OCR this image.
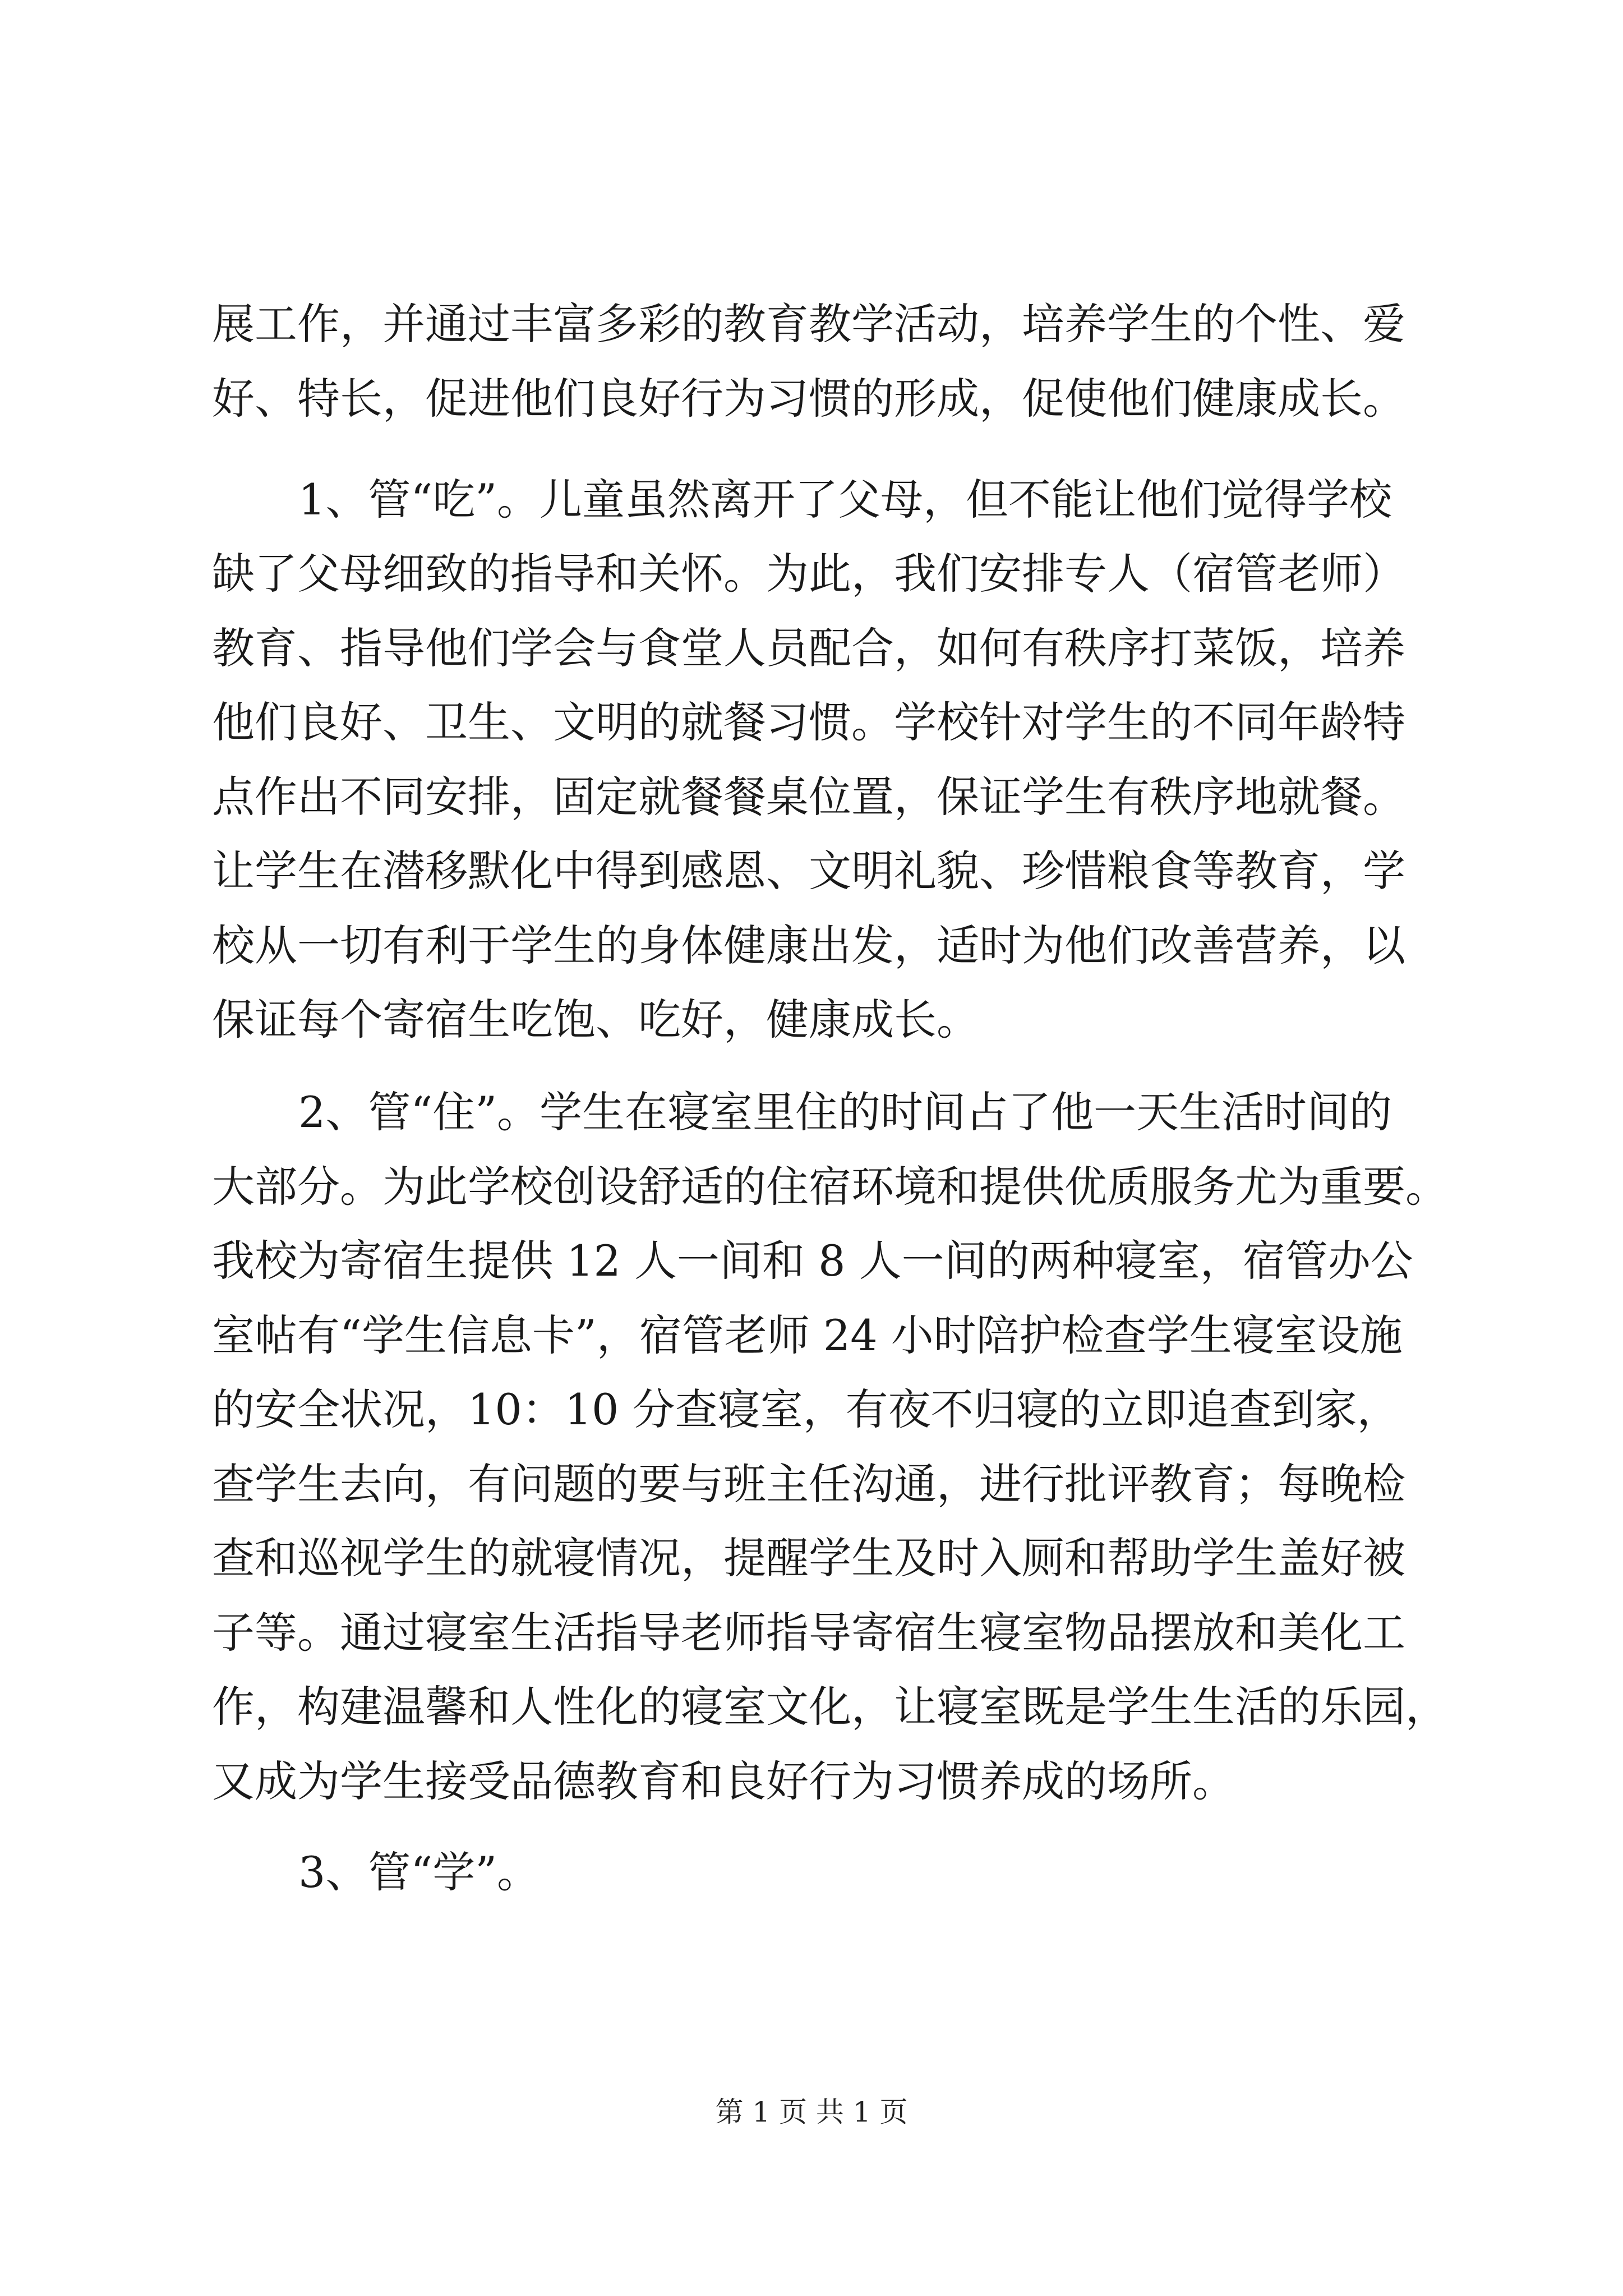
展工作，并通过丰富多彩的教育教学活动，培养学生的个性、爱
好、特长，促进他们良好行为习惯的形成，促使他们健康成长。
1、管“吃”。儿童虽然离开了父母，但不能让他们觉得学校
缺了父母细致的指导和关怀。为此，我们安排专人（宿管老师）
教育、指导他们学会与食堂人员配合，如何有秩序打菜饭，培养
他们良好、卫生、文明的就餐习惯。学校针对学生的不同年龄特
点作出不同安排，固定就餐餐桌位置，保证学生有秩序地就餐。
让学生在潜移默化中得到感恩、文明礼貌、珍惜粮食等教育，学
校从一切有利于学生的身体健康出发，适时为他们改善营养，以
保证每个寄宿生吃饱、吃好，健康成长。
2、管“住”。学生在寝室里住的时间占了他一天生活时间的
大部分。为此学校创设舒适的住宿环境和提供优质服务尤为重要。
我校为寄宿生提供 12 人一间和 8 人一间的两种寝室，宿管办公
室帖有“学生信息卡”，宿管老师 24 小时陪护检查学生寝室设施
的安全状况，10：10 分查寝室，有夜不归寝的立即追查到家，
查学生去向，有问题的要与班主任沟通，进行批评教育；每晚检
查和巡视学生的就寝情况，提醒学生及时入厕和帮助学生盖好被
子等。通过寝室生活指导老师指导寄宿生寝室物品摆放和美化工
作，构建温馨和人性化的寝室文化，让寝室既是学生生活的乐园，
又成为学生接受品德教育和良好行为习惯养成的场所。
3、管“学”。
第 1 页 共 1 页
